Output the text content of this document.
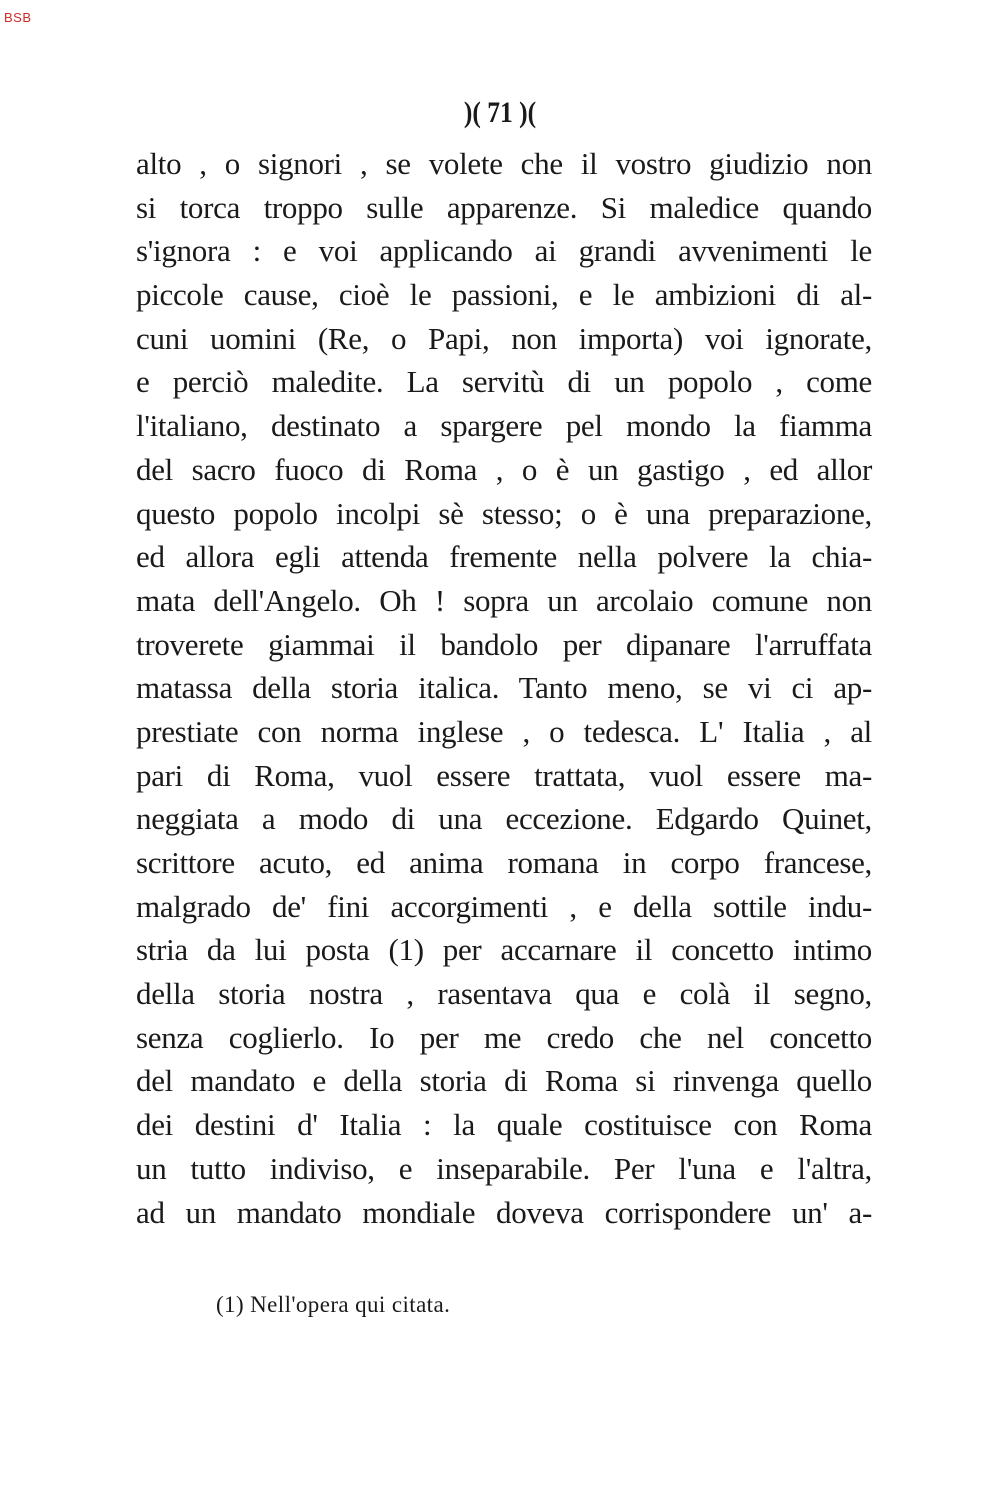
BSB
)( 71 )(
alto , o signori , se volete che il vostro giudizio non
si torca troppo sulle apparenze. Si maledice quando
s'ignora : e voi applicando ai grandi avvenimenti le
piccole cause, cioè le passioni, e le ambizioni di al-
cuni uomini (Re, o Papi, non importa) voi ignorate,
e perciò maledite. La servitù di un popolo , come
l'italiano, destinato a spargere pel mondo la fiamma
del sacro fuoco di Roma , o è un gastigo , ed allor
questo popolo incolpi sè stesso; o è una preparazione,
ed allora egli attenda fremente nella polvere la chia-
mata dell'Angelo. Oh ! sopra un arcolaio comune non
troverete giammai il bandolo per dipanare l'arruffata
matassa della storia italica. Tanto meno, se vi ci ap-
prestiate con norma inglese , o tedesca. L' Italia , al
pari di Roma, vuol essere trattata, vuol essere ma-
neggiata a modo di una eccezione. Edgardo Quinet,
scrittore acuto, ed anima romana in corpo francese,
malgrado de' fini accorgimenti , e della sottile indu-
stria da lui posta (1) per accarnare il concetto intimo
della storia nostra , rasentava qua e colà il segno,
senza coglierlo. Io per me credo che nel concetto
del mandato e della storia di Roma si rinvenga quello
dei destini d' Italia : la quale costituisce con Roma
un tutto indiviso, e inseparabile. Per l'una e l'altra,
ad un mandato mondiale doveva corrispondere un' a-
(1) Nell'opera qui citata.
